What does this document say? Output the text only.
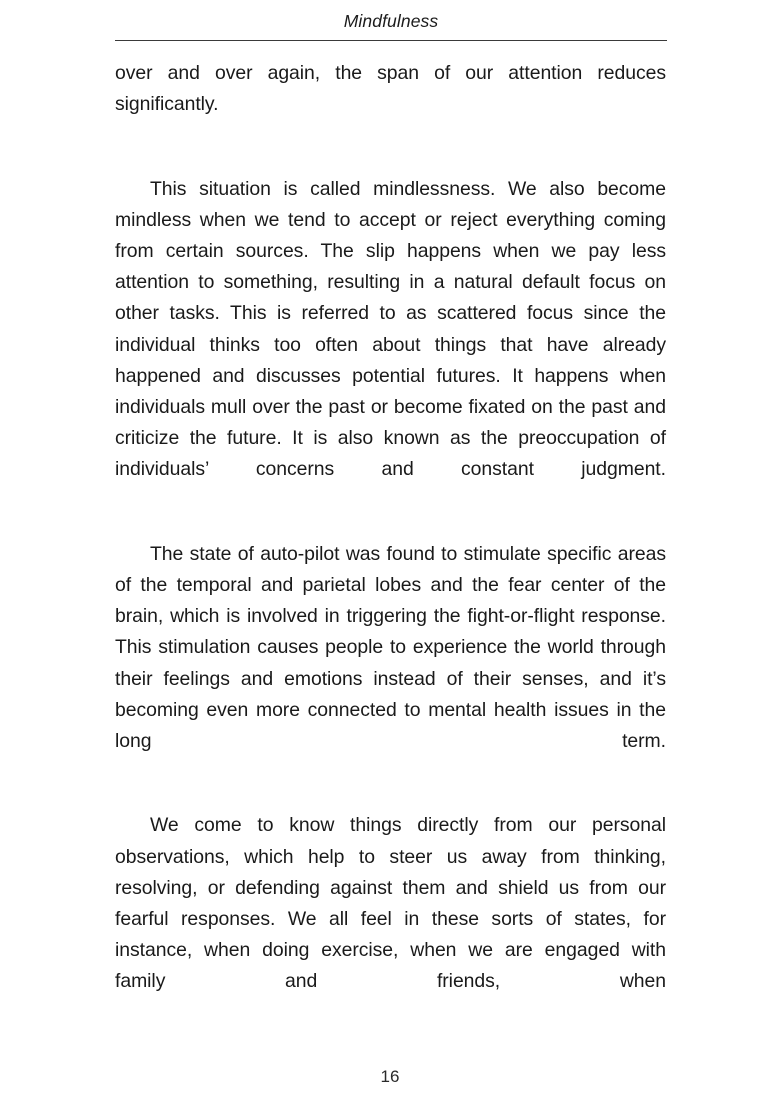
Mindfulness

over and over again, the span of our attention reduces significantly.

This situation is called mindlessness. We also become mindless when we tend to accept or reject everything coming from certain sources. The slip happens when we pay less attention to something, resulting in a natural default focus on other tasks. This is referred to as scattered focus since the individual thinks too often about things that have already happened and discusses potential futures. It happens when individuals mull over the past or become fixated on the past and criticize the future. It is also known as the preoccupation of individuals’ concerns and constant judgment.

The state of auto-pilot was found to stimulate specific areas of the temporal and parietal lobes and the fear center of the brain, which is involved in triggering the fight-or-flight response. This stimulation causes people to experience the world through their feelings and emotions instead of their senses, and it’s becoming even more connected to mental health issues in the long term.

We come to know things directly from our personal observations, which help to steer us away from thinking, resolving, or defending against them and shield us from our fearful responses. We all feel in these sorts of states, for instance, when doing exercise, when we are engaged with family and friends, when

16
